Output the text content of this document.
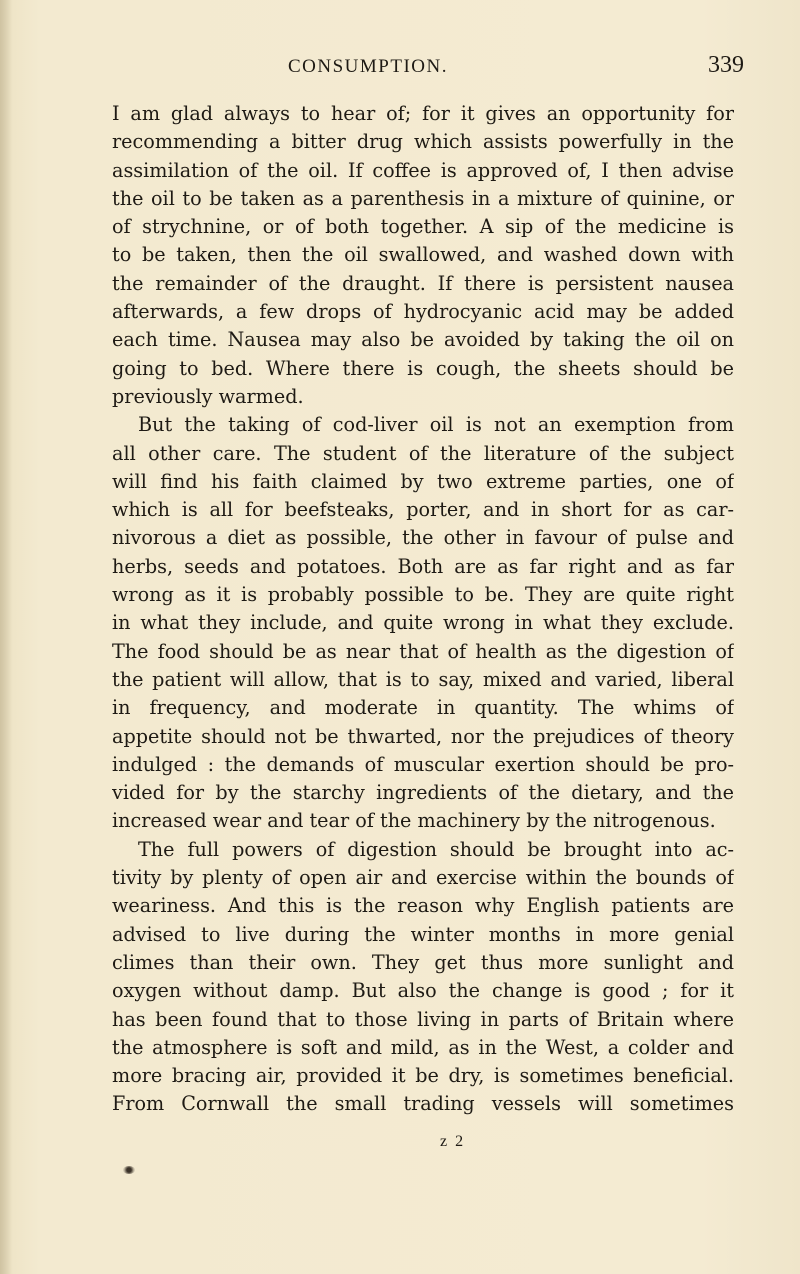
CONSUMPTION.	339
I am glad always to hear of; for it gives an opportunity for
recommending a bitter drug which assists powerfully in the
assimilation of the oil. If coffee is approved of, I then advise
the oil to be taken as a parenthesis in a mixture of quinine, or
of strychnine, or of both together. A sip of the medicine is
to be taken, then the oil swallowed, and washed down with
the remainder of the draught. If there is persistent nausea
afterwards, a few drops of hydrocyanic acid may be added
each time. Nausea may also be avoided by taking the oil on
going to bed. Where there is cough, the sheets should be
previously warmed.
But the taking of cod-liver oil is not an exemption from
all other care. The student of the literature of the subject
will find his faith claimed by two extreme parties, one of
which is all for beefsteaks, porter, and in short for as car-
nivorous a diet as possible, the other in favour of pulse and
herbs, seeds and potatoes. Both are as far right and as far
wrong as it is probably possible to be. They are quite right
in what they include, and quite wrong in what they exclude.
The food should be as near that of health as the digestion of
the patient will allow, that is to say, mixed and varied, liberal
in frequency, and moderate in quantity. The whims of
appetite should not be thwarted, nor the prejudices of theory
indulged : the demands of muscular exertion should be pro-
vided for by the starchy ingredients of the dietary, and the
increased wear and tear of the machinery by the nitrogenous.
The full powers of digestion should be brought into ac-
tivity by plenty of open air and exercise within the bounds of
weariness. And this is the reason why English patients are
advised to live during the winter months in more genial
climes than their own. They get thus more sunlight and
oxygen without damp. But also the change is good ; for it
has been found that to those living in parts of Britain where
the atmosphere is soft and mild, as in the West, a colder and
more bracing air, provided it be dry, is sometimes beneficial.
From Cornwall the small trading vessels will sometimes
z 2
